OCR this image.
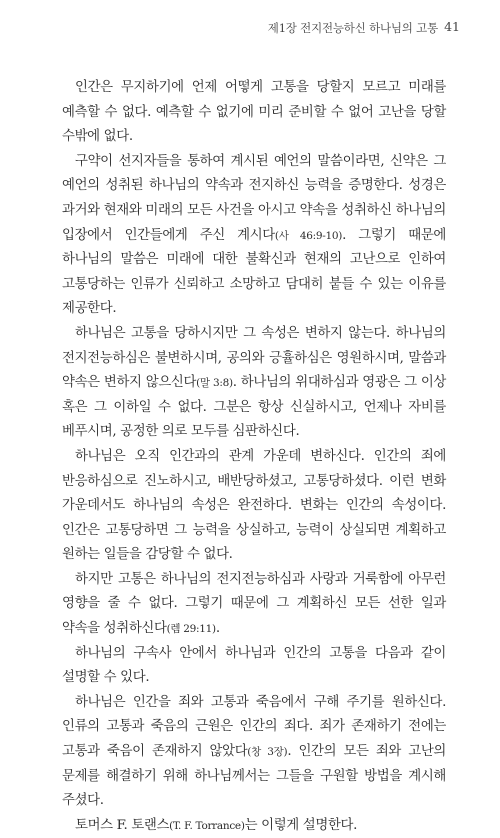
제1장 전지전능하신 하나님의 고통 41

인간은 무지하기에 언제 어떻게 고통을 당할지 모르고 미래를 예측할 수 없다. 예측할 수 없기에 미리 준비할 수 없어 고난을 당할 수밖에 없다.

구약이 선지자들을 통하여 계시된 예언의 말씀이라면, 신약은 그 예언의 성취된 하나님의 약속과 전지하신 능력을 증명한다. 성경은 과거와 현재와 미래의 모든 사건을 아시고 약속을 성취하신 하나님의 입장에서 인간들에게 주신 계시다(사 46:9-10). 그렇기 때문에 하나님의 말씀은 미래에 대한 불확신과 현재의 고난으로 인하여 고통당하는 인류가 신뢰하고 소망하고 담대히 붙들 수 있는 이유를 제공한다.

하나님은 고통을 당하시지만 그 속성은 변하지 않는다. 하나님의 전지전능하심은 불변하시며, 공의와 긍휼하심은 영원하시며, 말씀과 약속은 변하지 않으신다(말 3:8). 하나님의 위대하심과 영광은 그 이상 혹은 그 이하일 수 없다. 그분은 항상 신실하시고, 언제나 자비를 베푸시며, 공정한 의로 모두를 심판하신다.

하나님은 오직 인간과의 관계 가운데 변하신다. 인간의 죄에 반응하심으로 진노하시고, 배반당하셨고, 고통당하셨다. 이런 변화 가운데서도 하나님의 속성은 완전하다. 변화는 인간의 속성이다. 인간은 고통당하면 그 능력을 상실하고, 능력이 상실되면 계획하고 원하는 일들을 감당할 수 없다.

하지만 고통은 하나님의 전지전능하심과 사랑과 거룩함에 아무런 영향을 줄 수 없다. 그렇기 때문에 그 계획하신 모든 선한 일과 약속을 성취하신다(렘 29:11).

하나님의 구속사 안에서 하나님과 인간의 고통을 다음과 같이 설명할 수 있다.

하나님은 인간을 죄와 고통과 죽음에서 구해 주기를 원하신다. 인류의 고통과 죽음의 근원은 인간의 죄다. 죄가 존재하기 전에는 고통과 죽음이 존재하지 않았다(창 3장). 인간의 모든 죄와 고난의 문제를 해결하기 위해 하나님께서는 그들을 구원할 방법을 계시해 주셨다.

토머스 F. 토랜스(T. F. Torrance)는 이렇게 설명한다.
